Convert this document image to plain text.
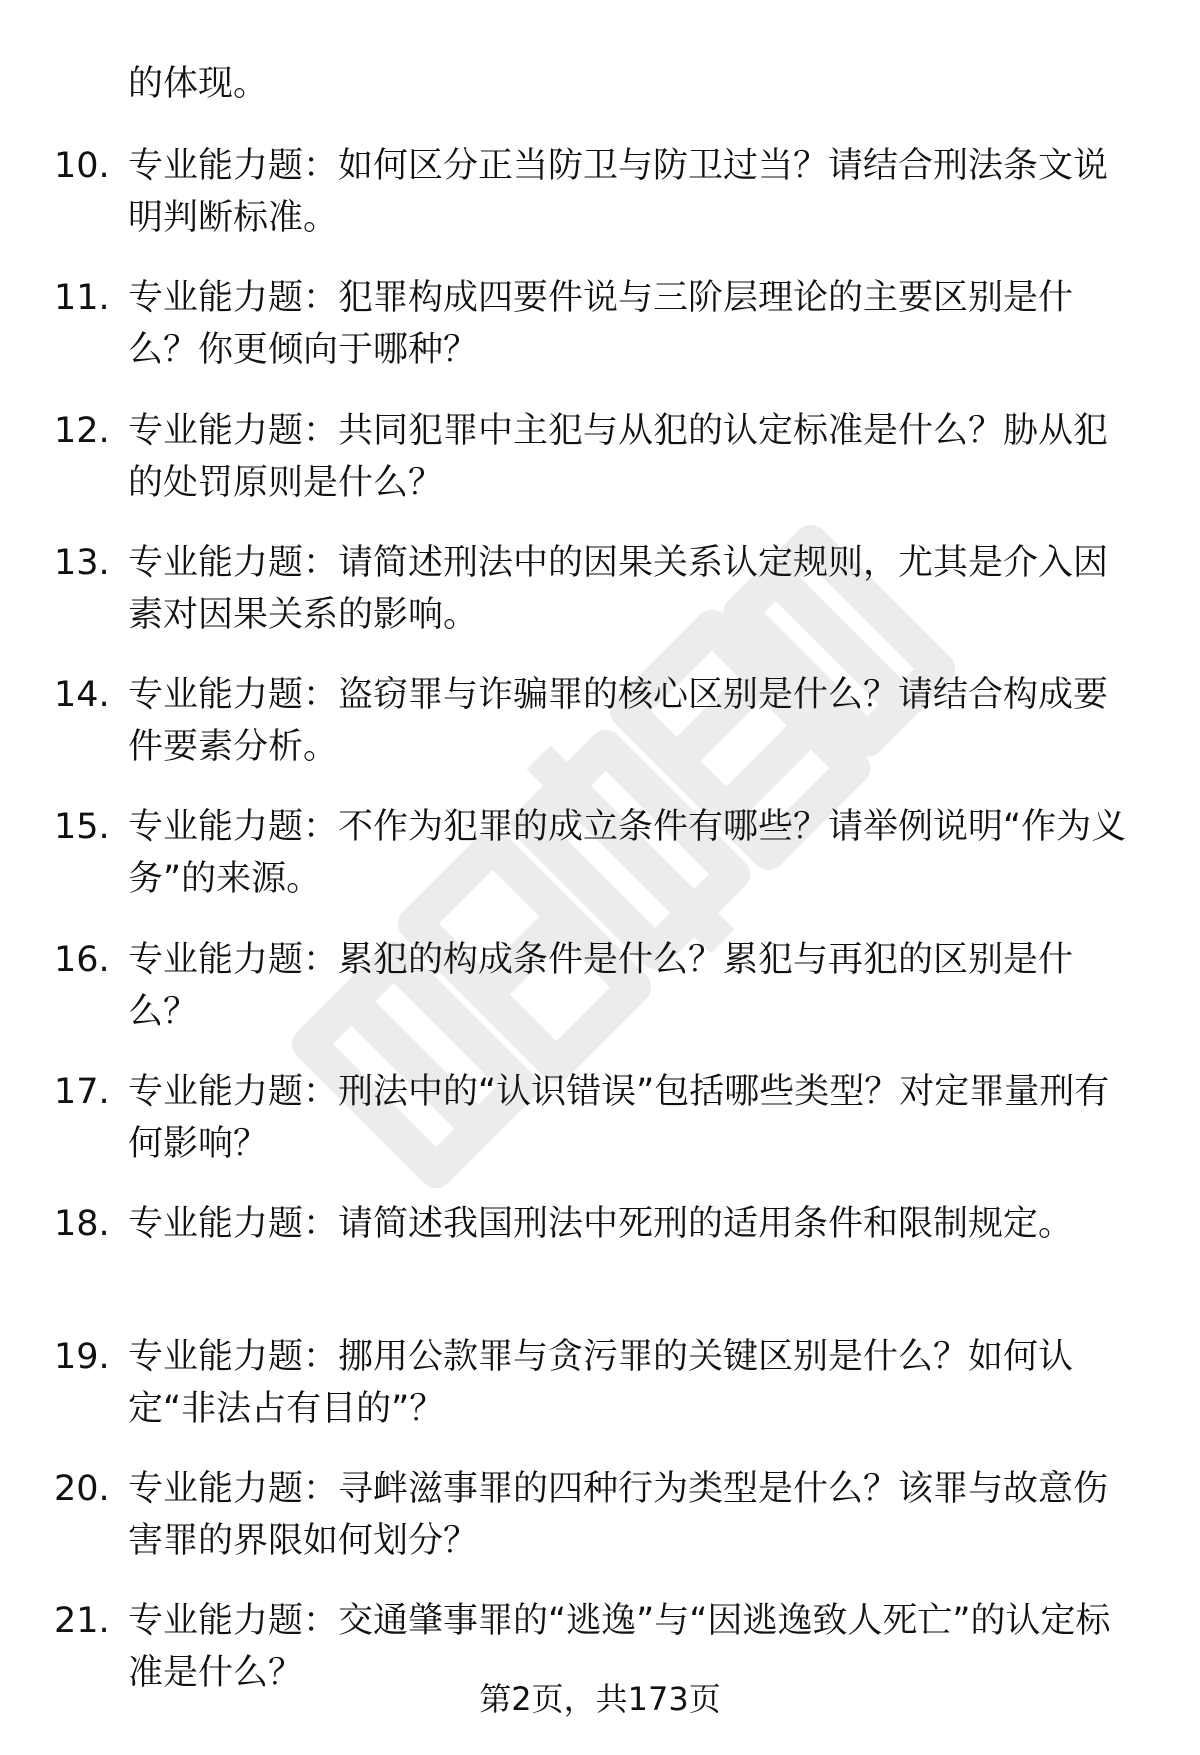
的体现。
10. 专业能力题：如何区分正当防卫与防卫过当？请结合刑法条文说明判断标准。
11. 专业能力题：犯罪构成四要件说与三阶层理论的主要区别是什么？你更倾向于哪种？
12. 专业能力题：共同犯罪中主犯与从犯的认定标准是什么？胁从犯的处罚原则是什么？
13. 专业能力题：请简述刑法中的因果关系认定规则，尤其是介入因素对因果关系的影响。
14. 专业能力题：盗窃罪与诈骗罪的核心区别是什么？请结合构成要件要素分析。
15. 专业能力题：不作为犯罪的成立条件有哪些？请举例说明“作为义务”的来源。
16. 专业能力题：累犯的构成条件是什么？累犯与再犯的区别是什么？
17. 专业能力题：刑法中的“认识错误”包括哪些类型？对定罪量刑有何影响？
18. 专业能力题：请简述我国刑法中死刑的适用条件和限制规定。
19. 专业能力题：挪用公款罪与贪污罪的关键区别是什么？如何认定“非法占有目的”？
20. 专业能力题：寻衅滋事罪的四种行为类型是什么？该罪与故意伤害罪的界限如何划分？
21. 专业能力题：交通肇事罪的“逃逸”与“因逃逸致人死亡”的认定标准是什么？
第2页，共173页
